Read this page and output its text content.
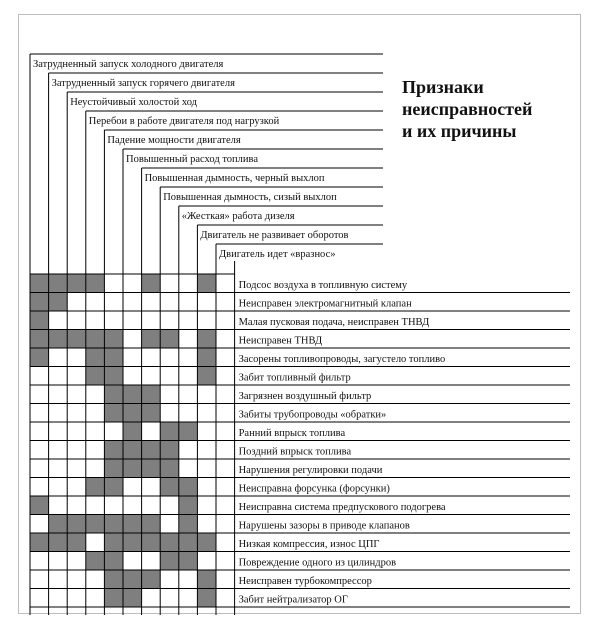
Признаки
неисправностей
и их причины
Затрудненный запуск холодного двигателя
Затрудненный запуск горячего двигателя
Неустойчивый холостой ход
Перебои в работе двигателя под нагрузкой
Падение мощности двигателя
Повышенный расход топлива
Повышенная дымность, черный выхлоп
Повышенная дымность, сизый выхлоп
«Жесткая» работа дизеля
Двигатель не развивает оборотов
Двигатель идет «вразнос»
Подсос воздуха в топливную систему
Неисправен электромагнитный клапан
Малая пусковая подача, неисправен ТНВД
Неисправен ТНВД
Засорены топливопроводы, загустело топливо
Забит топливный фильтр
Загрязнен воздушный фильтр
Забиты трубопроводы «обратки»
Ранний впрыск топлива
Поздний впрыск топлива
Нарушения регулировки подачи
Неисправна форсунка (форсунки)
Неисправна система предпускового подогрева
Нарушены зазоры в приводе клапанов
Низкая компрессия, износ ЦПГ
Повреждение одного из цилиндров
Неисправен турбокомпрессор
Забит нейтрализатор ОГ
